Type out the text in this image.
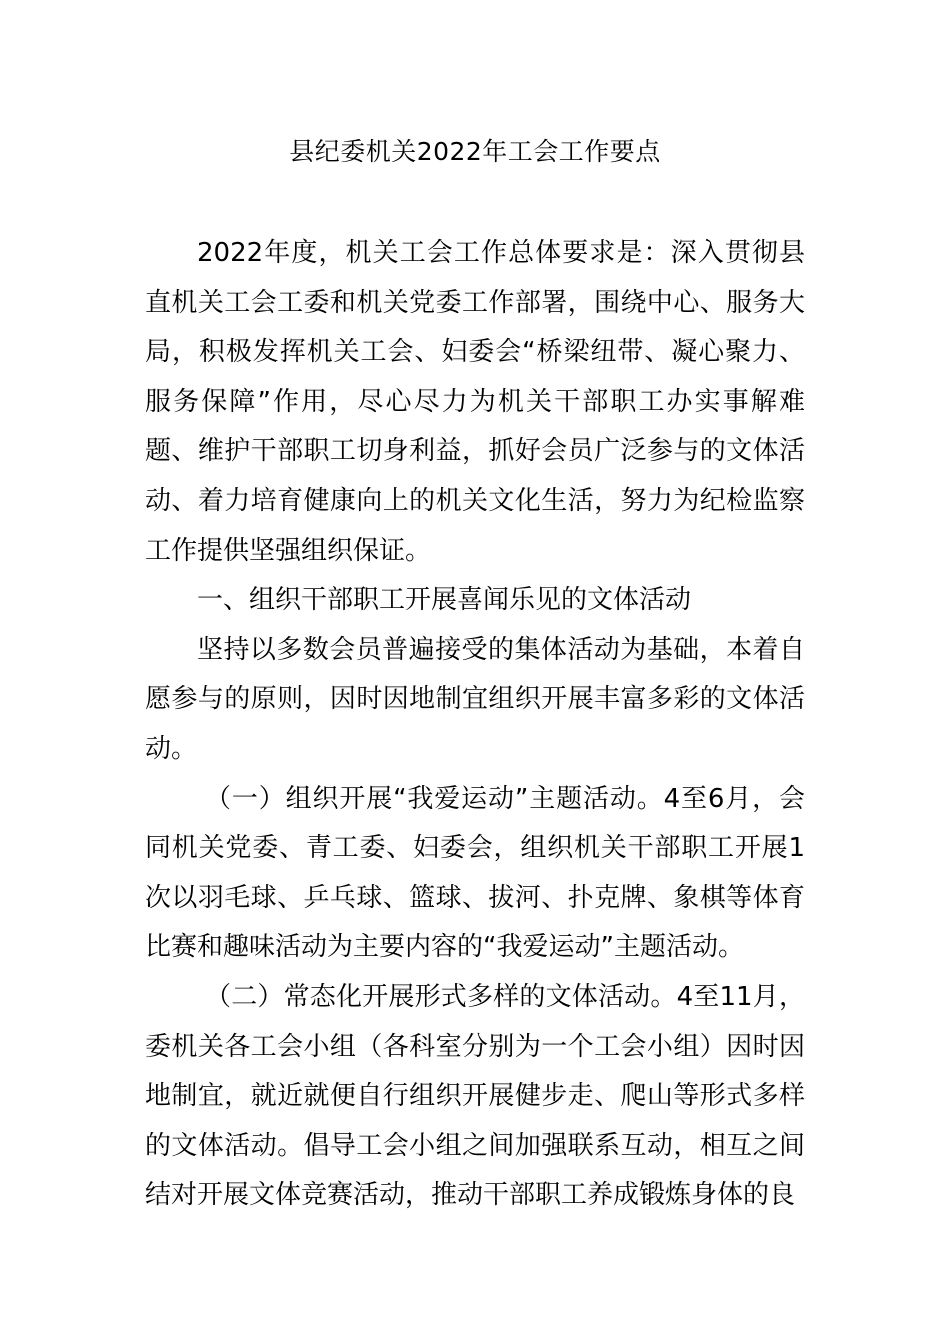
县纪委机关2022年工会工作要点

2022年度，机关工会工作总体要求是：深入贯彻县直机关工会工委和机关党委工作部署，围绕中心、服务大局，积极发挥机关工会、妇委会“桥梁纽带、凝心聚力、服务保障”作用，尽心尽力为机关干部职工办实事解难题、维护干部职工切身利益，抓好会员广泛参与的文体活动、着力培育健康向上的机关文化生活，努力为纪检监察工作提供坚强组织保证。

一、组织干部职工开展喜闻乐见的文体活动

坚持以多数会员普遍接受的集体活动为基础，本着自愿参与的原则，因时因地制宜组织开展丰富多彩的文体活动。

（一）组织开展“我爱运动”主题活动。4至6月，会同机关党委、青工委、妇委会，组织机关干部职工开展1次以羽毛球、乒乓球、篮球、拔河、扑克牌、象棋等体育比赛和趣味活动为主要内容的“我爱运动”主题活动。

（二）常态化开展形式多样的文体活动。4至11月，委机关各工会小组（各科室分别为一个工会小组）因时因地制宜，就近就便自行组织开展健步走、爬山等形式多样的文体活动。倡导工会小组之间加强联系互动，相互之间结对开展文体竞赛活动，推动干部职工养成锻炼身体的良
